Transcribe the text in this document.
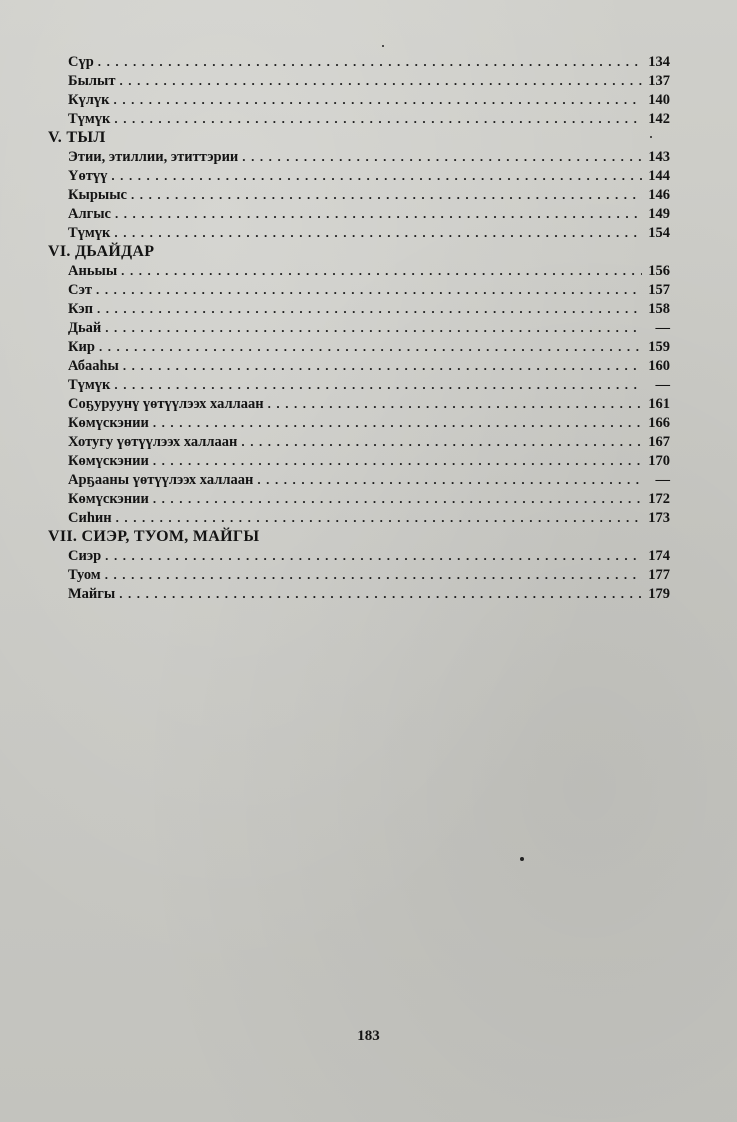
Сүр . . .	134
Былыт . . .	137
Күлүк . . .	140
Түмүк . . .	142
V. ТЫЛ
Этии, этиллии, этиттэрии . . .	143
Үөтүү . . .	144
Кырыыс . . .	146
Алгыс . . .	149
Түмүк . . .	154
VI. ДЬАЙДАР
Аньыы . . .	156
Сэт . . .	157
Кэп . . .	158
Дьай . . .	—
Кир . . .	159
Абааһы . . .	160
Түмүк . . .	—
Соҕуруунү үөтүүлээх халлаан . . .	161
Көмүскэнии . . .	166
Хотугу үөтүүлээх халлаан . . .	167
Көмүскэнии . . .	170
Арҕааны үөтүүлээх халлаан . . .	—
Көмүскэнии . . .	172
Сиһин . . .	173
VII. СИЭР, ТУОМ, МАЙГЫ
Сиэр . . .	174
Туом . . .	177
Майгы . . .	179
183
